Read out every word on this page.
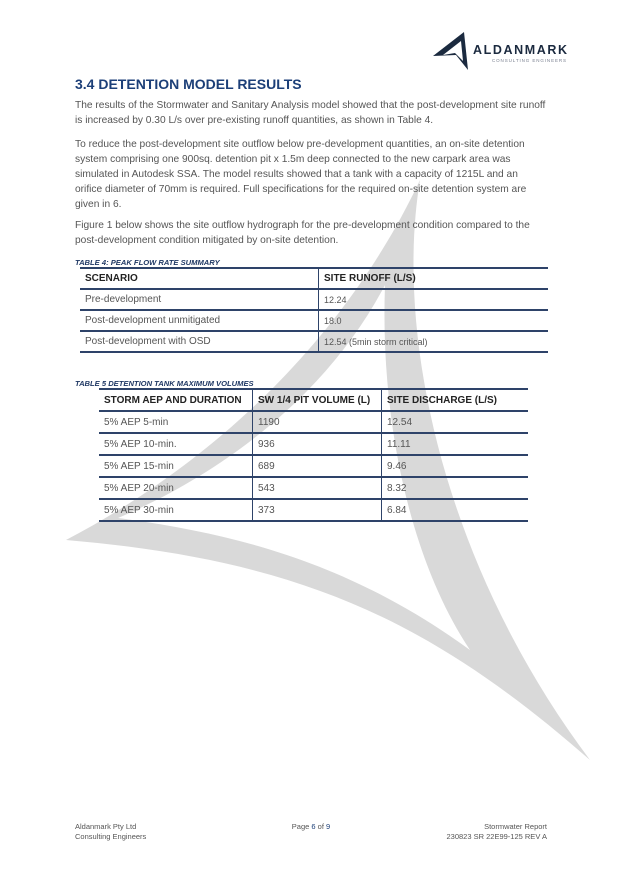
ALDANMARK
CONSULTING ENGINEERS
3.4 DETENTION MODEL RESULTS

The results of the Stormwater and Sanitary Analysis model showed that the post-development site runoff is increased by 0.30 L/s over pre-existing runoff quantities, as shown in Table 4.

To reduce the post-development site outflow below pre-development quantities, an on-site detention system comprising one 900sq. detention pit x 1.5m deep connected to the new carpark area was simulated in Autodesk SSA. The model results showed that a tank with a capacity of 1215L and an orifice diameter of 70mm is required. Full specifications for the required on-site detention system are given in 6.

Figure 1 below shows the site outflow hydrograph for the pre-development condition compared to the post-development condition mitigated by on-site detention.

TABLE 4: PEAK FLOW RATE SUMMARY
SCENARIO	SITE RUNOFF (L/S)
Pre-development	12.24
Post-development unmitigated	18.0
Post-development with OSD	12.54 (5min storm critical)
TABLE 5 DETENTION TANK MAXIMUM VOLUMES
STORM AEP AND DURATION	SW 1/4 PIT VOLUME (L)	SITE DISCHARGE (L/S)
5% AEP 5-min	1190	12.54
5% AEP 10-min.	936	11.11
5% AEP 15-min	689	9.46
5% AEP 20-min	543	8.32
5% AEP 30-min	373	6.84
Aldanmark Pty Ltd
Consulting Engineers
Page 6 of 9	Stormwater Report
230823 SR 22E99-125 REV A
